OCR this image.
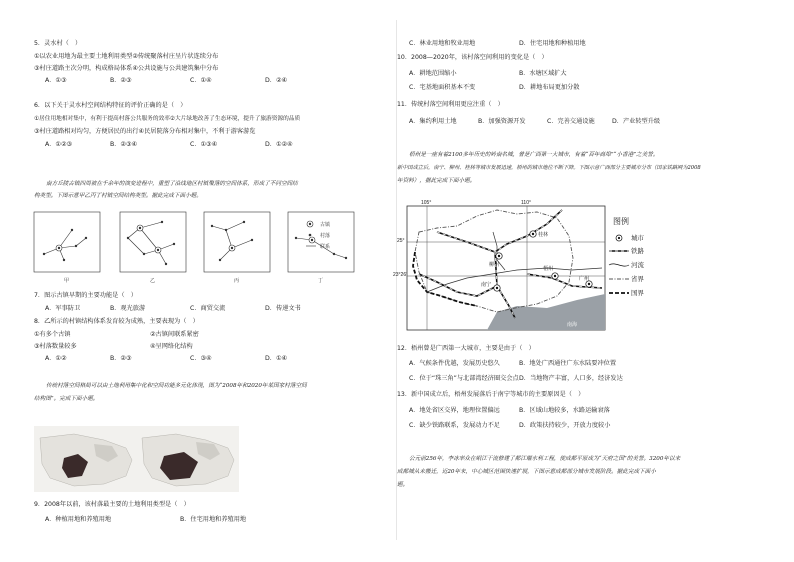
5．灵水村（　）
①以农业用地为最主要土地利用类型②传统聚落村庄呈片状连续分布
③村庄道路主次分明，构成格局体系④公共设施与公共建筑集中分布
A．①③	B．②③	C．①④	D．②④
6．以下关于灵水村空间结构特征的评价正确的是（　）
①居住用地相对集中，有利于提高村落公共服务的效率②大片绿地改善了生态环境，提升了旅游资源的品质
③村庄道路相对均匀，方便居民的出行④民居院落分布相对集中，不利于游客游览
A．①②③	B．②③④	C．①③④	D．①②④
南方丘陵古镇四周被在千余年的演变进程中，重塑了沿线地区村镇聚落的空间体系，形成了不同空间结
构类型。下图示意甲乙丙丁村镇空间结构类型。据此完成下面小题。
古镇
村落
联系
甲	乙	丙	丁
7．图示古镇早期的主要功能是（　）
A．军事防卫	B．观光旅游	C．商贸交流	D．传递文书
8．乙所示的村镇结构体系发育较为成熟，主要表现为（　）
①有多个古镇	②古镇间联系紧密
③村落数量较多	④呈网络化结构
A．①②	B．②③	C．③④	D．①④
传统村落空间格局可以由土地利用集中化和空间功能多元化体现，图为“2008年和2020年某国家村落空间
结构图”。完成下面小题。
9．2008年以前，该村落最主要的土地利用类型是（　）
A．种植用地和养殖用地	B．住宅用地和养殖用地
C．林业用地和牧业用地	D．住宅用地和种植用地
10．2008—2020年，该村落空间利用的变化是（　）
A．耕地范围缩小	B．水塘区域扩大
C．宅基地面积基本不变	D．耕地布局更加分散
11．传统村落空间利用更应注重（　）
A．集约利用土地	B．加强资源开发	C．完善交通设施	D．产业转型升级
梧州是一座有着2100多年历史的岭南名城，曾是广西第一大城市，有着“百年商埠”“小香港”之美誉。
新中国成立后，南宁、柳州、桂林等城市发展迅速，梧州的城市地位不断下降。下图示意广西部分主要城市分布（国家铁路网为2008
年资料），据此完成下面小题。
105°	110°
25°
23°26′
桂林
柳州
梧州
南宁
广州
南海
图例
城市
铁路
河流
省界
国界
12．梧州曾是广西第一大城市，主要是由于（　）
A．气候条件优越，发展历史悠久	B．地处广西通往广东水陆要冲位置
C．位于“珠三角”与北部湾经济圈交会点 D．当地物产丰富，人口多，经济发达
13．新中国成立后，梧州发展落后于南宁等城市的主要原因是（　）
A．地处省区交界，地理位置偏远	B．区域山地较多，水路运输衰落
C．缺少铁路联系，发展动力不足	D．政策扶持较少，开放力度较小
公元前256年，李冰率众在岷江干流修建了都江堰水利工程，使成都平原成为“天府之国”的美誉。3200年以来
成都城从未搬迁，近20年来，中心城区范围快速扩展，下图示意成都部分城市发展阶段。据此完成下面小
题。
